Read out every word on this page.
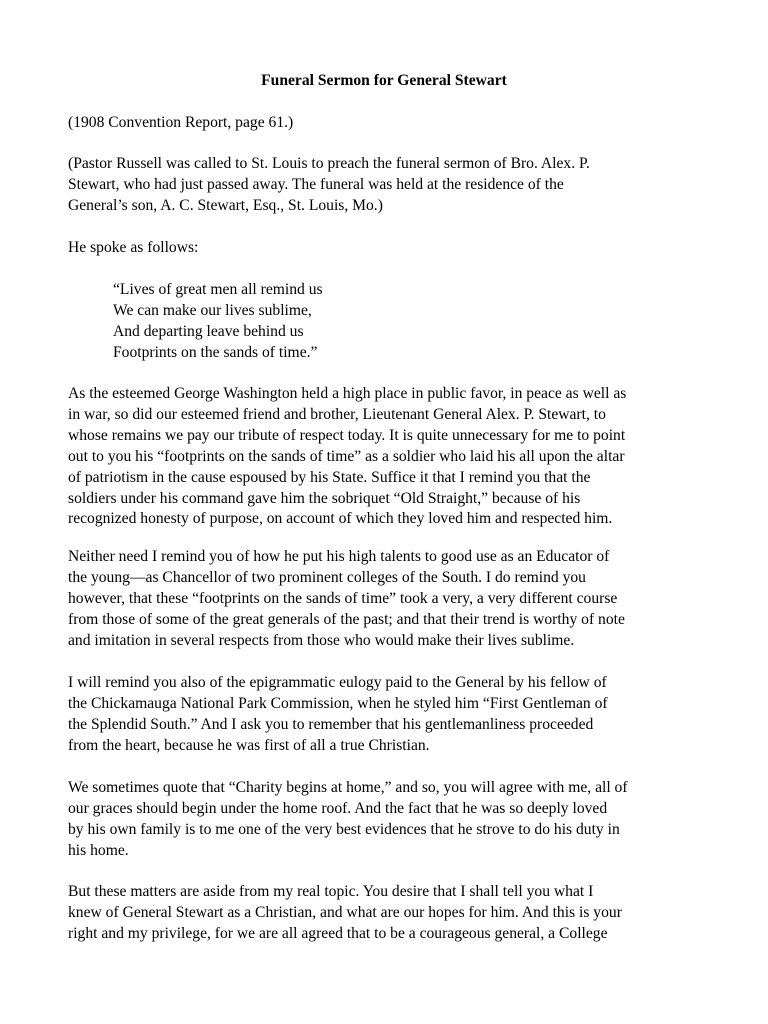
Funeral Sermon for General Stewart

(1908 Convention Report, page 61.)

(Pastor Russell was called to St. Louis to preach the funeral sermon of Bro. Alex. P.
Stewart, who had just passed away. The funeral was held at the residence of the
General’s son, A. C. Stewart, Esq., St. Louis, Mo.)

He spoke as follows:

“Lives of great men all remind us
We can make our lives sublime,
And departing leave behind us
Footprints on the sands of time.”

As the esteemed George Washington held a high place in public favor, in peace as well as
in war, so did our esteemed friend and brother, Lieutenant General Alex. P. Stewart, to
whose remains we pay our tribute of respect today. It is quite unnecessary for me to point
out to you his “footprints on the sands of time” as a soldier who laid his all upon the altar
of patriotism in the cause espoused by his State. Suffice it that I remind you that the
soldiers under his command gave him the sobriquet “Old Straight,” because of his
recognized honesty of purpose, on account of which they loved him and respected him.

Neither need I remind you of how he put his high talents to good use as an Educator of
the young—as Chancellor of two prominent colleges of the South. I do remind you
however, that these “footprints on the sands of time” took a very, a very different course
from those of some of the great generals of the past; and that their trend is worthy of note
and imitation in several respects from those who would make their lives sublime.

I will remind you also of the epigrammatic eulogy paid to the General by his fellow of
the Chickamauga National Park Commission, when he styled him “First Gentleman of
the Splendid South.” And I ask you to remember that his gentlemanliness proceeded
from the heart, because he was first of all a true Christian.

We sometimes quote that “Charity begins at home,” and so, you will agree with me, all of
our graces should begin under the home roof. And the fact that he was so deeply loved
by his own family is to me one of the very best evidences that he strove to do his duty in
his home.

But these matters are aside from my real topic. You desire that I shall tell you what I
knew of General Stewart as a Christian, and what are our hopes for him. And this is your
right and my privilege, for we are all agreed that to be a courageous general, a College
